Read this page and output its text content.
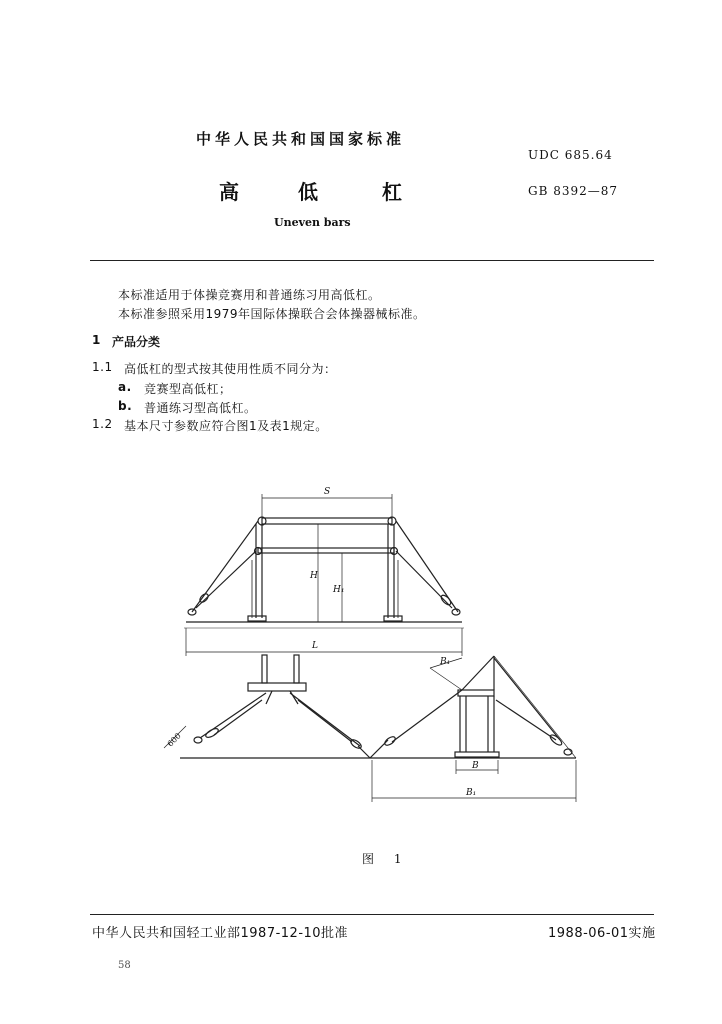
中华人民共和国国家标准
UDC 685.64
高	低	杠	GB 8392—87
Uneven bars
本标准适用于体操竞赛用和普通练习用高低杠。
本标准参照采用1979年国际体操联合会体操器械标准。
1 产品分类
1.1 高低杠的型式按其使用性质不同分为：
a. 竞赛型高低杠；
b. 普通练习型高低杠。
1.2 基本尺寸参数应符合图1及表1规定。
S
H
H₁
L
B₁
B
B₁
600
图 1
中华人民共和国轻工业部1987-12-10批准	1988-06-01实施
58
